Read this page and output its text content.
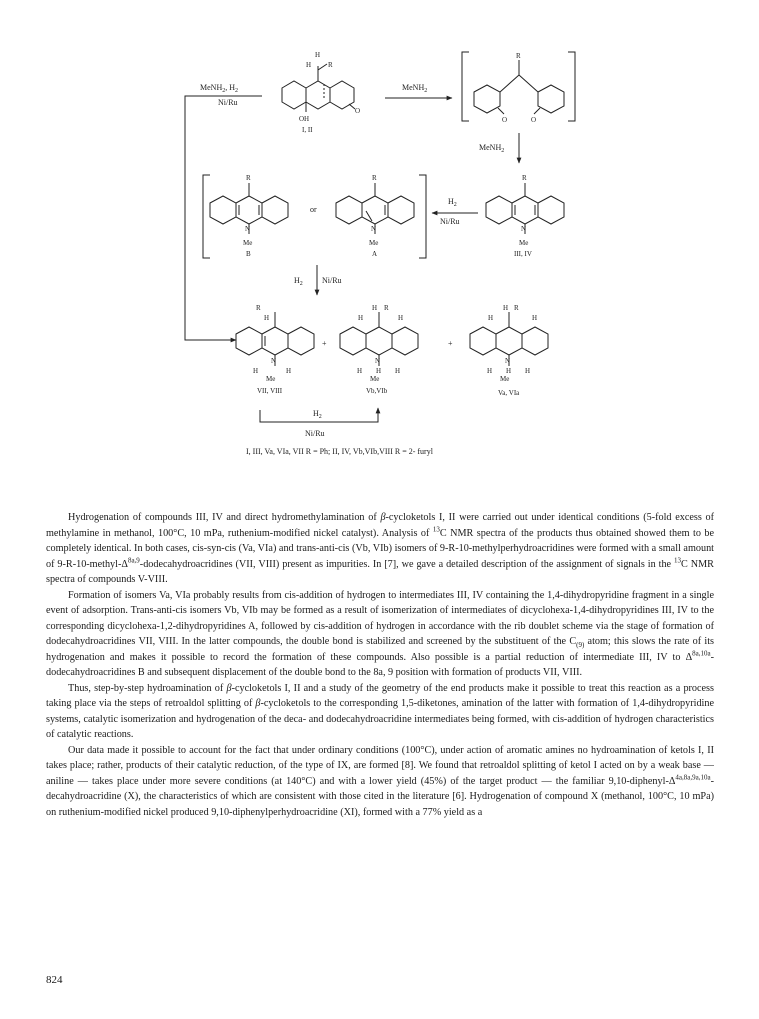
MeNH$_2$, $H_2$
Ni/Ru
H
H R
OH
O
I, II
MeNH$_2$
R
O	O
MeNH$_2$
R
N
Me
III, IV
$H_2$
Ni/Ru
R
N
Me
B
or
R
N
Me
A
$H_2$ Ni/Ru
R
H
N
H	H
Me
VII, VIII
+
H R
H	H
N
H H H
Me
Vb,VIb
+
H R
H	H
N
H H H
Me
Va, VIa
$H_2$
Ni/Ru
I, III, Va, VIa, VII R = Ph; II, IV, Vb,VIb,VIII R = 2- furyl

Hydrogenation of compounds III, IV and direct hydromethylamination of β-cycloketols I, II were carried out under identical conditions (5-fold excess of methylamine in methanol, 100°C, 10 mPa, ruthenium-modified nickel catalyst). Analysis of $^{13}$C NMR spectra of the products thus obtained showed them to be completely identical. In both cases, cis-syn-cis (Va, VIa) and trans-anti-cis (Vb, VIb) isomers of 9-R-10-methylperhydroacridines were formed with a small amount of $9-R-10-methyl-\Delta^{8a,9}$-dodecahydroacridines (VII, VIII) present as impurities. In [7], we gave a detailed description of the assignment of signals in the $^{13}$C NMR spectra of compounds V-VIII.

Formation of isomers Va, VIa probably results from cis-addition of hydrogen to intermediates III, IV containing the 1,4-dihydropyridine fragment in a single event of adsorption. Trans-anti-cis isomers Vb, VIb may be formed as a result of isomerization of intermediates of dicyclohexa-1,4-dihydropyridines III, IV to the corresponding dicyclohexa-1,2-dihydropyridines A, followed by cis-addition of hydrogen in accordance with the rib doublet scheme via the stage of formation of dodecahydroacridines VII, VIII. In the latter compounds, the double bond is stabilized and screened by the substituent of the $C_{(9)}$ atom; this slows the rate of its hydrogenation and makes it possible to record the formation of these compounds. Also possible is a partial reduction of intermediate III, IV to $\Delta^{8a,10a}$-dodecahydroacridines B and subsequent displacement of the double bond to the 8a, 9 position with formation of products VII, VIII.

Thus, step-by-step hydroamination of β-cycloketols I, II and a study of the geometry of the end products make it possible to treat this reaction as a process taking place via the steps of retroaldol splitting of β-cycloketols to the corresponding 1,5-diketones, amination of the latter with formation of 1,4-dihydropyridine systems, catalytic isomerization and hydrogenation of the deca- and dodecahydroacridine intermediates being formed, with cis-addition of hydrogen characteristics of catalytic reactions.

Our data made it possible to account for the fact that under ordinary conditions (100°C), under action of aromatic amines no hydroamination of ketols I, II takes place; rather, products of their catalytic reduction, of the type of IX, are formed [8]. We found that retroaldol splitting of ketol I acted on by a weak base — aniline — takes place under more severe conditions (at 140°C) and with a lower yield (45%) of the target product — the familiar $9,10-diphenyl-\Delta^{4a,8a,9a,10a}$-decahydroacridine (X), the characteristics of which are consistent with those cited in the literature [6]. Hydrogenation of compound X (methanol, 100°C, 10 mPa) on ruthenium-modified nickel produced 9,10-diphenylperhydroacridine (XI), formed with a 77% yield as a

824
